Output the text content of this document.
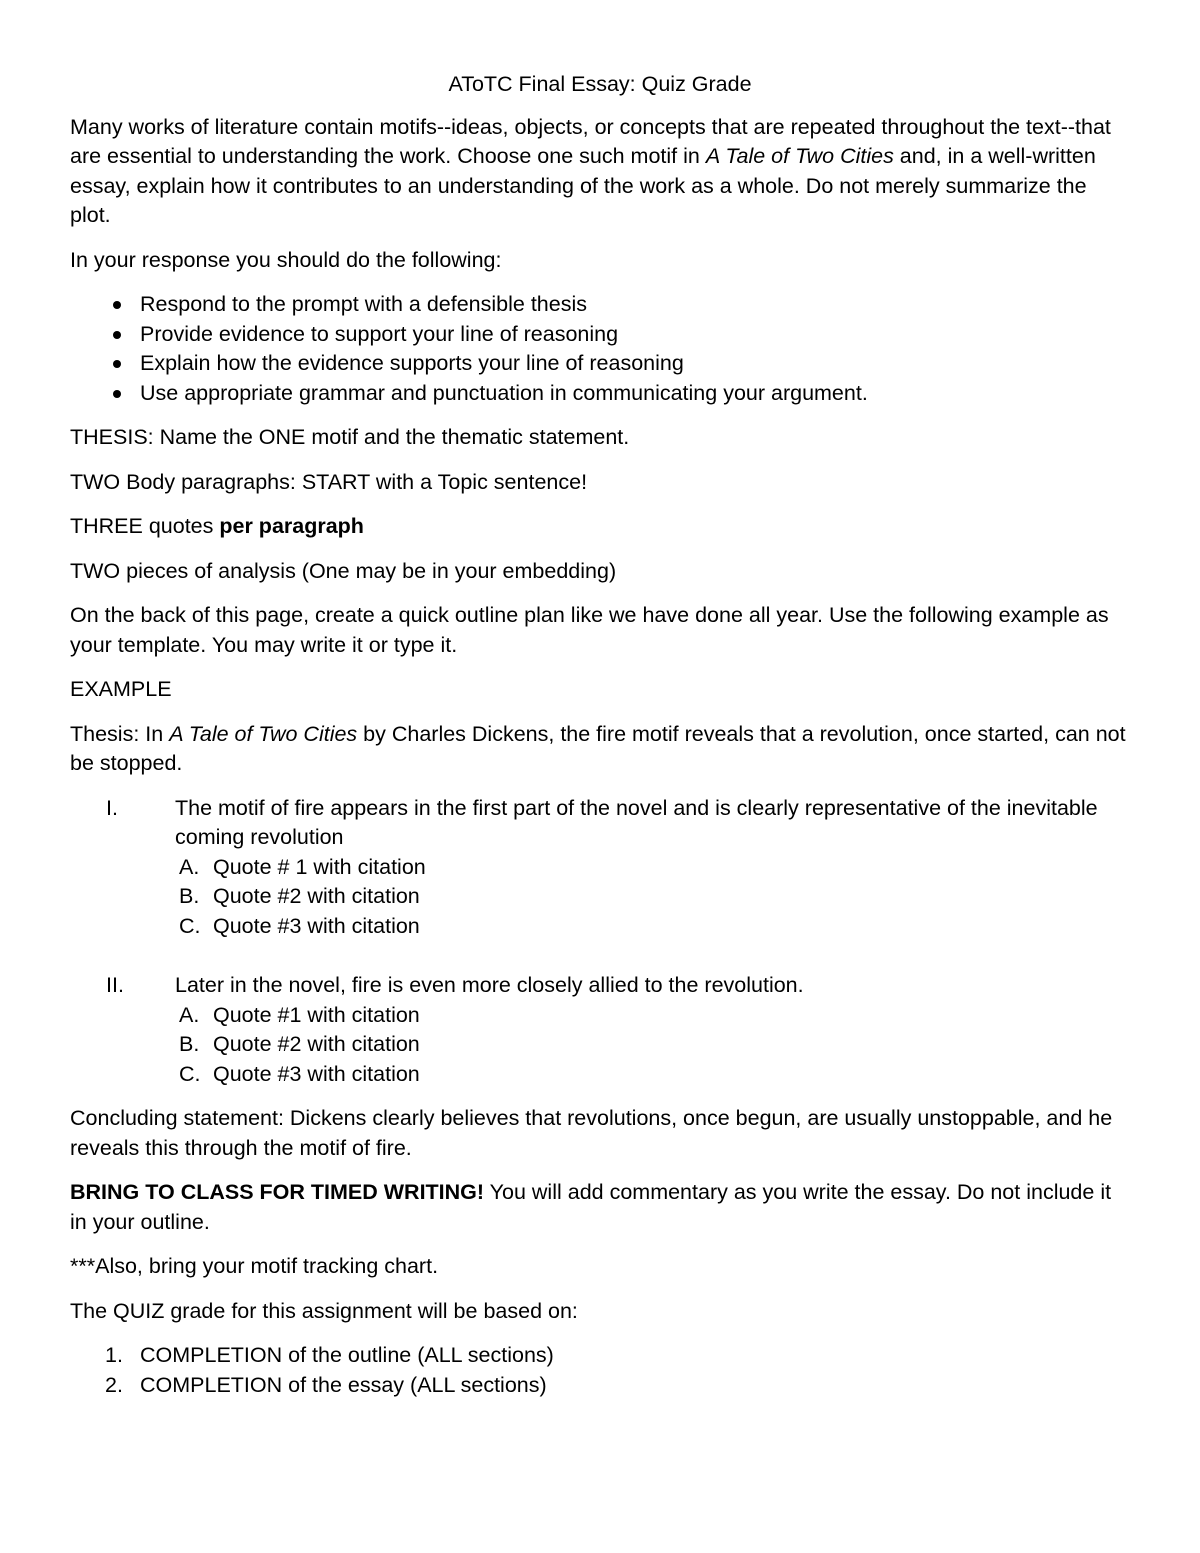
AToTC Final Essay: Quiz Grade

Many works of literature contain motifs--ideas, objects, or concepts that are repeated throughout the text--that are essential to understanding the work. Choose one such motif in A Tale of Two Cities and, in a well-written essay, explain how it contributes to an understanding of the work as a whole. Do not merely summarize the plot.

In your response you should do the following:

Respond to the prompt with a defensible thesis
Provide evidence to support your line of reasoning
Explain how the evidence supports your line of reasoning
Use appropriate grammar and punctuation in communicating your argument.

THESIS: Name the ONE motif and the thematic statement.

TWO Body paragraphs: START with a Topic sentence!

THREE quotes per paragraph

TWO pieces of analysis (One may be in your embedding)

On the back of this page, create a quick outline plan like we have done all year. Use the following example as your template. You may write it or type it.

EXAMPLE

Thesis: In A Tale of Two Cities by Charles Dickens, the fire motif reveals that a revolution, once started, can not be stopped.

I.	The motif of fire appears in the first part of the novel and is clearly representative of the inevitable coming revolution
A. Quote # 1 with citation
B. Quote #2 with citation
C. Quote #3 with citation
II.	Later in the novel, fire is even more closely allied to the revolution.
A. Quote #1 with citation
B. Quote #2 with citation
C. Quote #3 with citation

Concluding statement: Dickens clearly believes that revolutions, once begun, are usually unstoppable, and he reveals this through the motif of fire.

BRING TO CLASS FOR TIMED WRITING! You will add commentary as you write the essay. Do not include it in your outline.

***Also, bring your motif tracking chart.

The QUIZ grade for this assignment will be based on:

1. COMPLETION of the outline (ALL sections)
2. COMPLETION of the essay (ALL sections)
